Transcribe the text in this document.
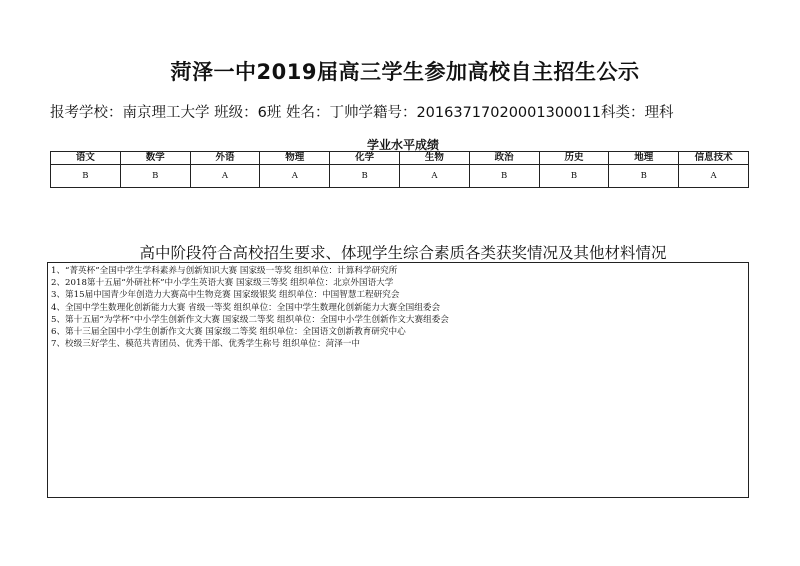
菏泽一中2019届高三学生参加高校自主招生公示
报考学校：南京理工大学 班级：6班 姓名：丁帅学籍号：20163717020001300011科类：理科
学业水平成绩
语文	数学	外语	物理	化学	生物	政治	历史	地理	信息技术
B	B	A	A	B	A	B	B	B	A
高中阶段符合高校招生要求、体现学生综合素质各类获奖情况及其他材料情况
1、“菁英杯”全国中学生学科素养与创新知识大赛 国家级一等奖 组织单位：计算科学研究所
2、2018第十五届“外研社杯”中小学生英语大赛 国家级三等奖 组织单位：北京外国语大学
3、第15届中国青少年创造力大赛高中生物竞赛 国家级银奖 组织单位：中国智慧工程研究会
4、全国中学生数理化创新能力大赛 省级一等奖 组织单位：全国中学生数理化创新能力大赛全国组委会
5、第十五届“为学杯”中小学生创新作文大赛 国家级二等奖 组织单位：全国中小学生创新作文大赛组委会
6、第十三届全国中小学生创新作文大赛 国家级二等奖 组织单位：全国语文创新教育研究中心
7、校级三好学生、模范共青团员、优秀干部、优秀学生称号 组织单位：菏泽一中
